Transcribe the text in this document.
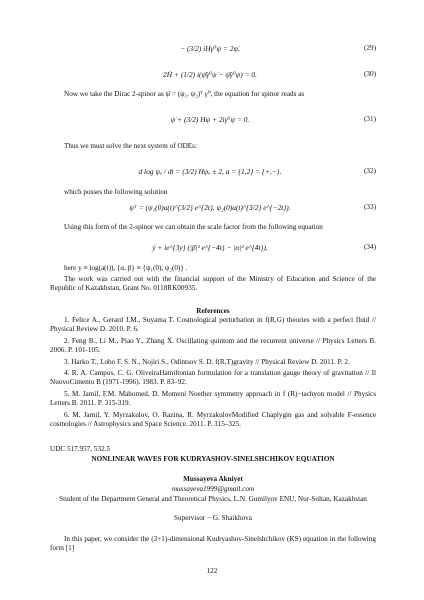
− (3/2) iHγ⁰ψ = 2ψ̇,	(29)
2Ḣ + (1/2) i(ψ̄γ⁰ψ̇ − ψ̄̇γ⁰ψ) = 0.	(30)
Now we take the Dirac 2-spinor as ψ̄ = (ψ₁, ψ₂)ᵀ γ⁰, the equation for spinor reads as
ψ̇ + (3/2) Hψ + 2iγ⁰ψ = 0.	(31)
Thus we must solve the next system of ODEs:
d log ψₐ / dt = (3/2) Hψₐ ± 2, a = {1,2} = {+,−}.	(32)
which posses the following solution
ψᵀ = (ψ₁(0)a(t)^{3/2} e^{2t}, ψ₂(0)a(t)^{3/2} e^{−2t}).	(33)
Using this form of the 2-spinor we can obtain the scale factor from the following equation
ẏ + ie^{3y} (|β|² e^{−4t} − |α|² e^{4t}),	(34)
here y ≡ log(a(t)), {α, β} ≡ {ψ₁(0), ψ₂(0)} .
The work was carried out with the financial support of the Ministry of Education and Science of the Republic of Kazakhstan, Grant No. 0118RK00935.
References
1. Felice A., Gerard J.M., Suyama T. Cosmological perturbation in f(R,G) theories with a perfect fluid // Physical Review D. 2010. P. 6.
2. Feng B., Li M., Piao Y., Zhang X. Oscillating quintom and the recurrent universe // Physics Letters B. 2006. P. 101-105.
3. Harko T., Lobo F. S. N., Nojiri S., Odintsov S. D. f(R,T)gravity // Physical Review D. 2011. P. 2.
4. R. A. Campos, C. G. OliveiraHamiltonian formulation for a translation gauge theory of gravitation // Il NuovoCimento B (1971-1996). 1983. P. 83–92.
5. M. Jamil, F.M. Mahomed, D. Momeni Noether symmetry approach in f (R)−tachyon model // Physics Letters B. 2011. P. 315-319.
6. M. Jamil, Y. Myrzakulov, O. Razina, R. MyrzakulovModified Chaplygin gas and solvable F-essence cosmologies // Astrophysics and Space Science. 2011. P. 315–325.
UDC 517.957, 532.5
NONLINEAR WAVES FOR KUDRYASHOV-SINELSHCHIKOV EQUATION
Mussayeva Akniyet
mussayeva1999@gmail.com
Student of the Department General and Theoretical Physics, L.N. Gumilyov ENU, Nur-Sultan, Kazakhstan
Supervisor − G. Shaikhova
In this paper, we consider the (3+1)-dimensional Kudryashov-Sinelshchikov (KS) equation in the following form [1]
122
